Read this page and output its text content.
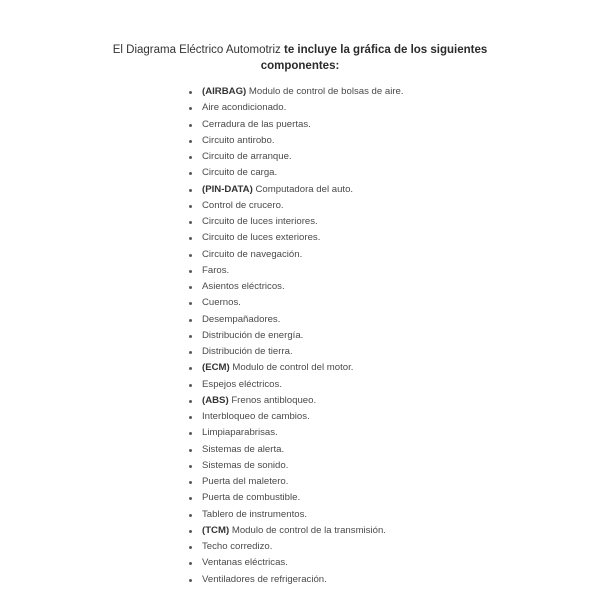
El Diagrama Eléctrico Automotriz te incluye la gráfica de los siguientes
componentes:
(AIRBAG) Modulo de control de bolsas de aire.
Aire acondicionado.
Cerradura de las puertas.
Circuito antirobo.
Circuito de arranque.
Circuito de carga.
(PIN-DATA) Computadora del auto.
Control de crucero.
Circuito de luces interiores.
Circuito de luces exteriores.
Circuito de navegación.
Faros.
Asientos eléctricos.
Cuernos.
Desempañadores.
Distribución de energía.
Distribución de tierra.
(ECM) Modulo de control del motor.
Espejos eléctricos.
(ABS) Frenos antibloqueo.
Interbloqueo de cambios.
Limpiaparabrisas.
Sistemas de alerta.
Sistemas de sonido.
Puerta del maletero.
Puerta de combustible.
Tablero de instrumentos.
(TCM) Modulo de control de la transmisión.
Techo corredizo.
Ventanas eléctricas.
Ventiladores de refrigeración.
